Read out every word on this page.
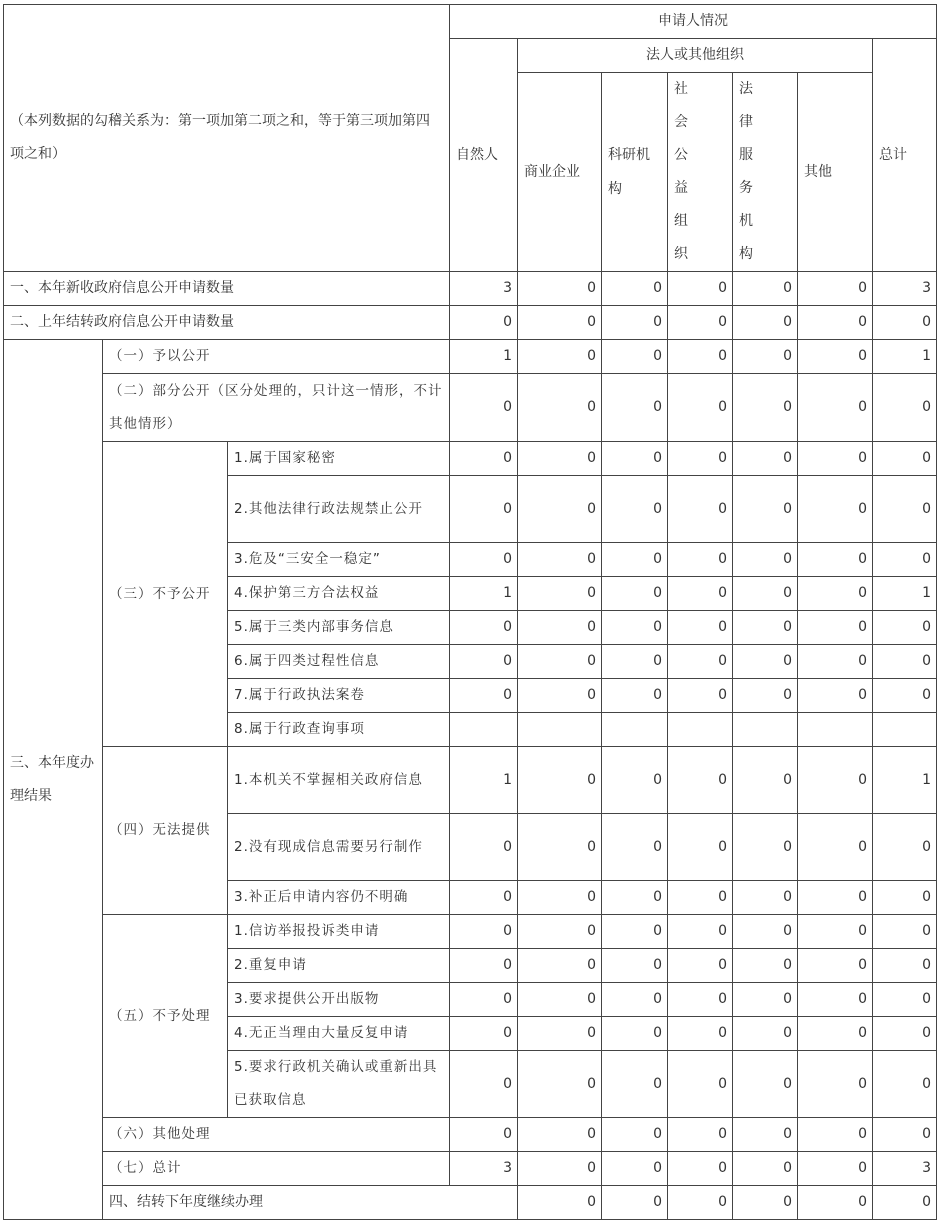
（本列数据的勾稽关系为：第一项加第二项之和，等于第三项加第四项之和）			申请人情况							
			自然人	法人或其他组织					总计	
				商业企业	科研机构	社会公益组织	法律服务机构	其他		
一、本年新收政府信息公开申请数量			3	0	0	0	0	0	3	
二、上年结转政府信息公开申请数量			0	0	0	0	0	0	0	
三、本年度办理结果	（一）予以公开		1	0	0	0	0	0	1	
	（二）部分公开（区分处理的，只计这一情形，不计其他情形）		0	0	0	0	0	0	0	
	（三）不予公开	1.属于国家秘密	0	0	0	0	0	0	0	
		2.其他法律行政法规禁止公开	0	0	0	0	0	0	0	
		3.危及“三安全一稳定”	0	0	0	0	0	0	0	
		4.保护第三方合法权益	1	0	0	0	0	0	1	
		5.属于三类内部事务信息	0	0	0	0	0	0	0	
		6.属于四类过程性信息	0	0	0	0	0	0	0	
		7.属于行政执法案卷	0	0	0	0	0	0	0	
		8.属于行政查询事项								
	（四）无法提供	1.本机关不掌握相关政府信息	1	0	0	0	0	0	1	
		2.没有现成信息需要另行制作	0	0	0	0	0	0	0	
		3.补正后申请内容仍不明确	0	0	0	0	0	0	0	
	（五）不予处理	1.信访举报投诉类申请	0	0	0	0	0	0	0	
		2.重复申请	0	0	0	0	0	0	0	
		3.要求提供公开出版物	0	0	0	0	0	0	0	
		4.无正当理由大量反复申请	0	0	0	0	0	0	0	
		5.要求行政机关确认或重新出具已获取信息	0	0	0	0	0	0	0	
	（六）其他处理		0	0	0	0	0	0	0	
	（七）总计		3	0	0	0	0	0	3	
	四、结转下年度继续办理			0	0	0	0	0	0	
